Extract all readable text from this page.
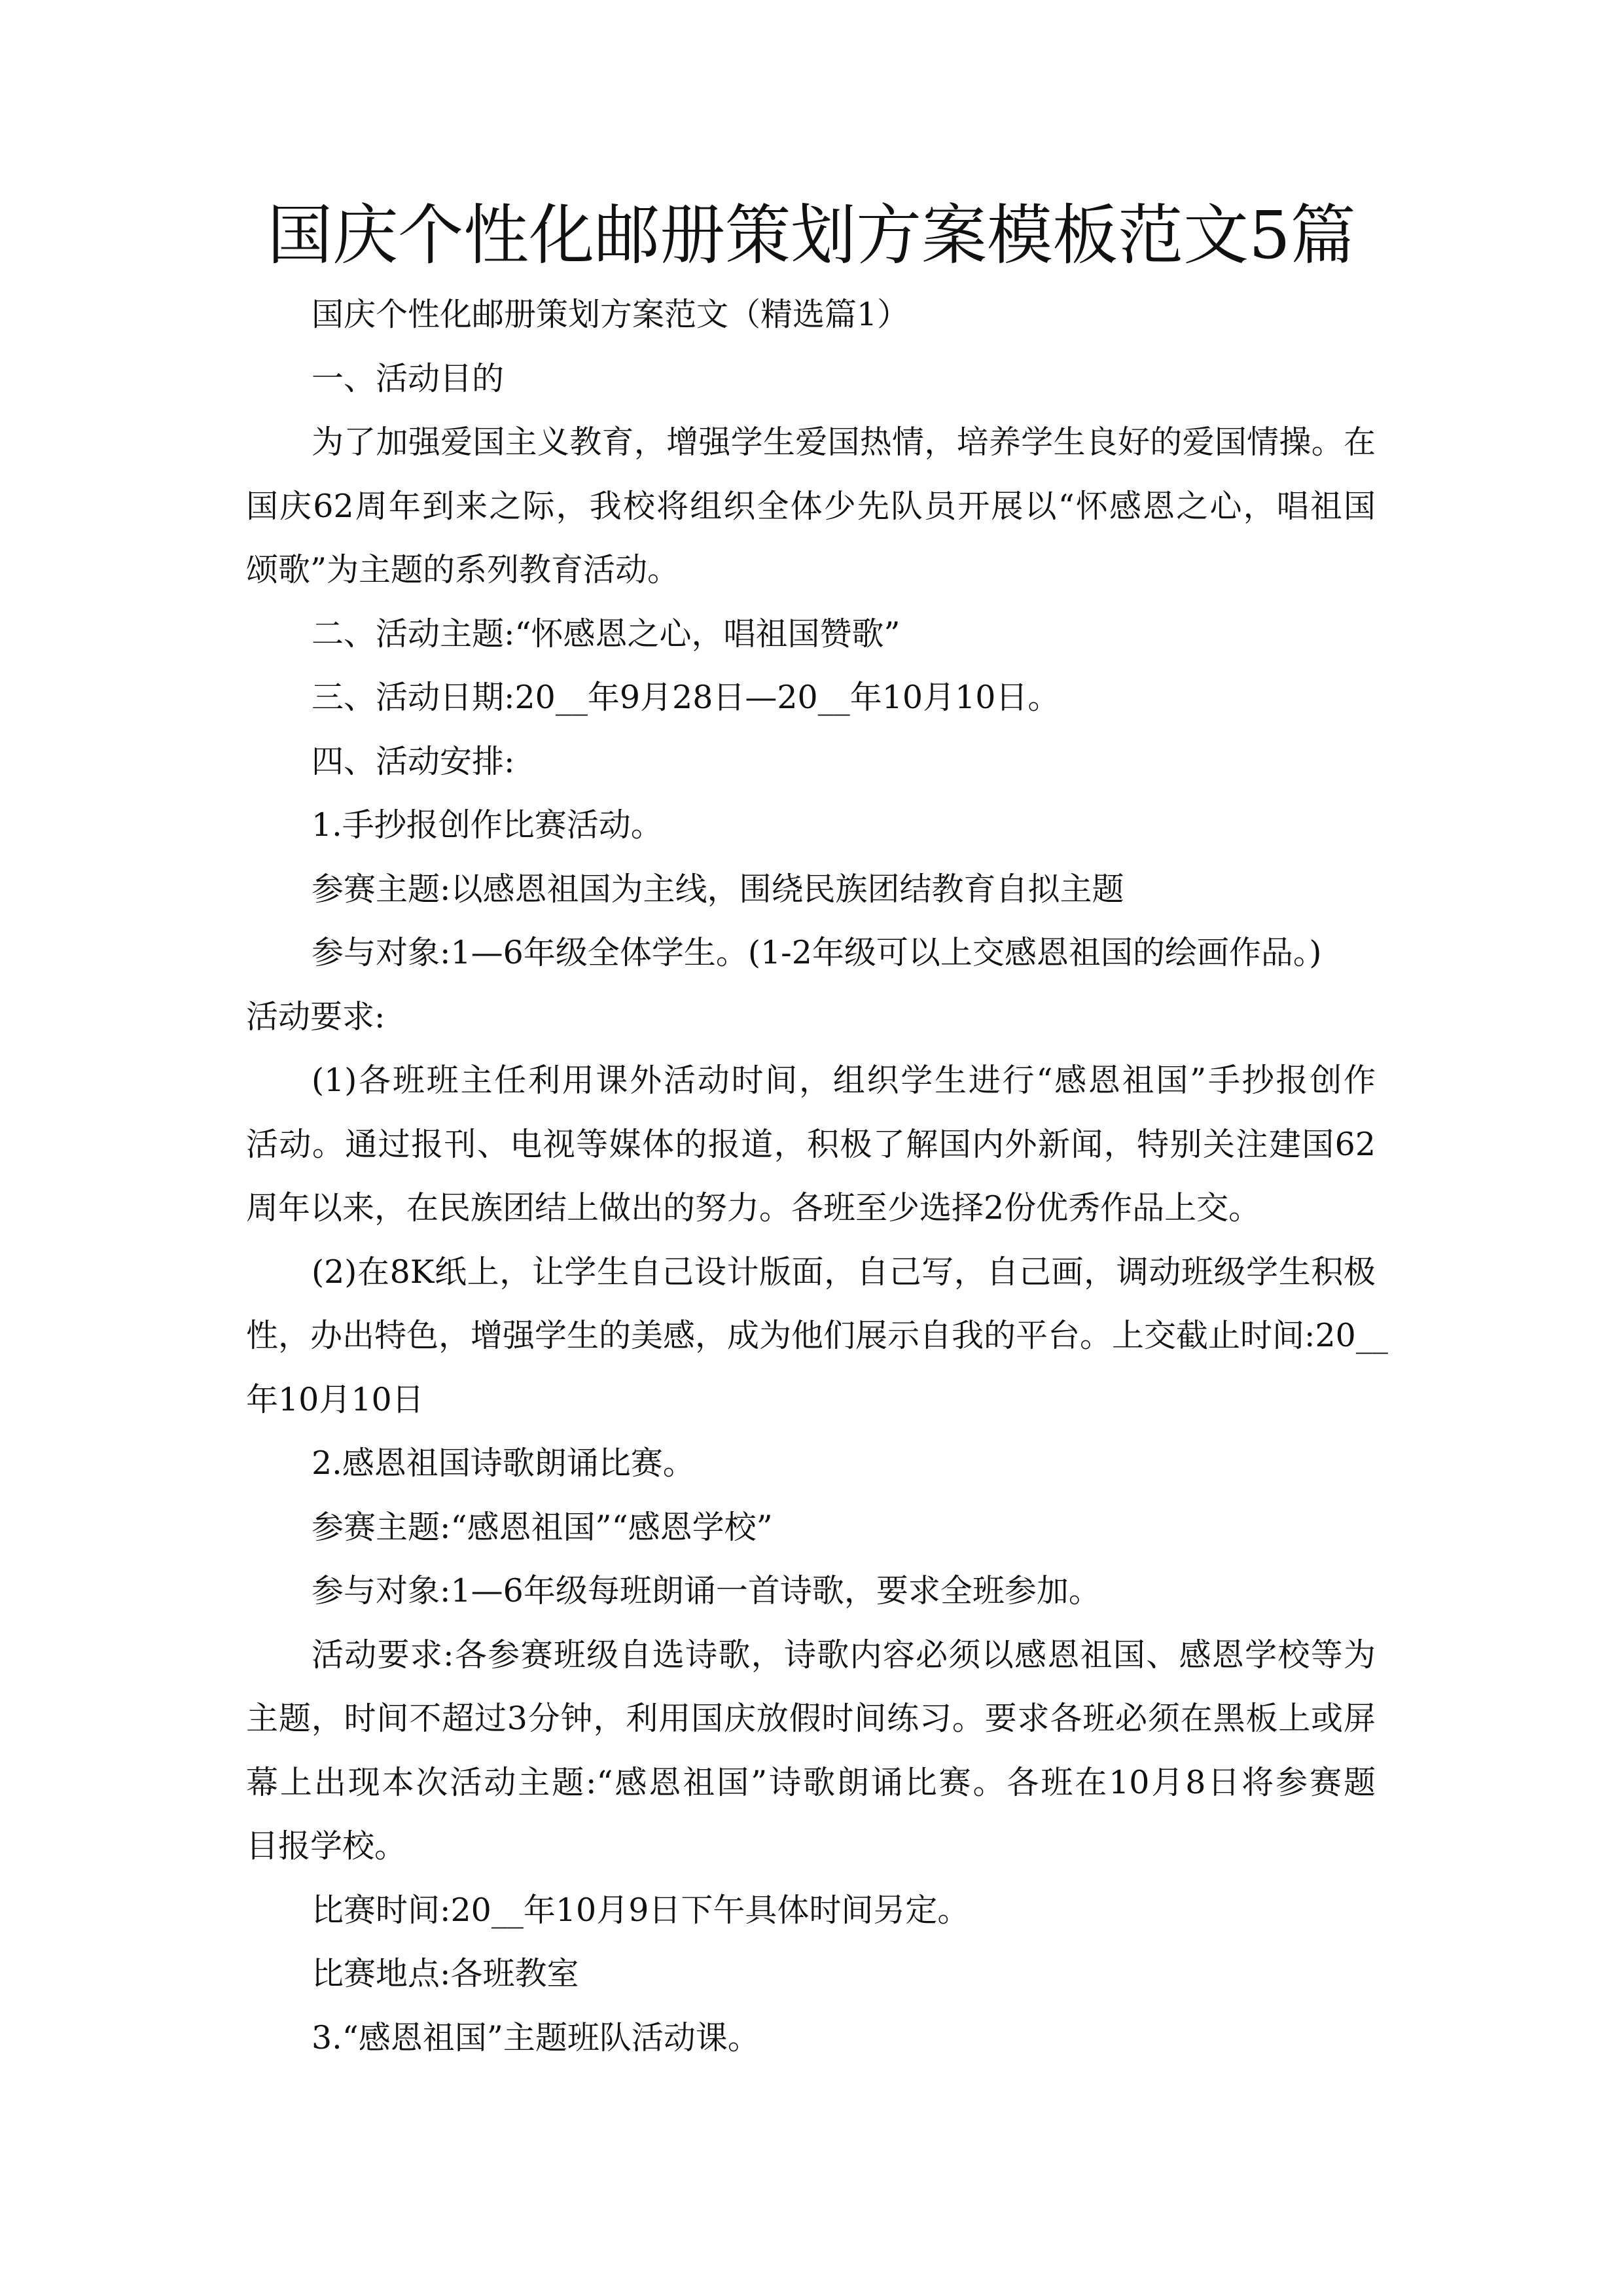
国庆个性化邮册策划方案模板范文5篇
国庆个性化邮册策划方案范文（精选篇1）
一、活动目的
为了加强爱国主义教育，增强学生爱国热情，培养学生良好的爱国情操。在
国庆62周年到来之际，我校将组织全体少先队员开展以“怀感恩之心，唱祖国
颂歌”为主题的系列教育活动。
二、活动主题:“怀感恩之心，唱祖国赞歌”
三、活动日期:20__年9月28日—20__年10月10日。
四、活动安排:
1.手抄报创作比赛活动。
参赛主题:以感恩祖国为主线，围绕民族团结教育自拟主题
参与对象:1—6年级全体学生。(1-2年级可以上交感恩祖国的绘画作品。)
活动要求:
(1)各班班主任利用课外活动时间，组织学生进行“感恩祖国”手抄报创作
活动。通过报刊、电视等媒体的报道，积极了解国内外新闻，特别关注建国62
周年以来，在民族团结上做出的努力。各班至少选择2份优秀作品上交。
(2)在8K纸上，让学生自己设计版面，自己写，自己画，调动班级学生积极
性，办出特色，增强学生的美感，成为他们展示自我的平台。上交截止时间:20__
年10月10日
2.感恩祖国诗歌朗诵比赛。
参赛主题:“感恩祖国”“感恩学校”
参与对象:1—6年级每班朗诵一首诗歌，要求全班参加。
活动要求:各参赛班级自选诗歌，诗歌内容必须以感恩祖国、感恩学校等为
主题，时间不超过3分钟，利用国庆放假时间练习。要求各班必须在黑板上或屏
幕上出现本次活动主题:“感恩祖国”诗歌朗诵比赛。各班在10月8日将参赛题
目报学校。
比赛时间:20__年10月9日下午具体时间另定。
比赛地点:各班教室
3.“感恩祖国”主题班队活动课。
